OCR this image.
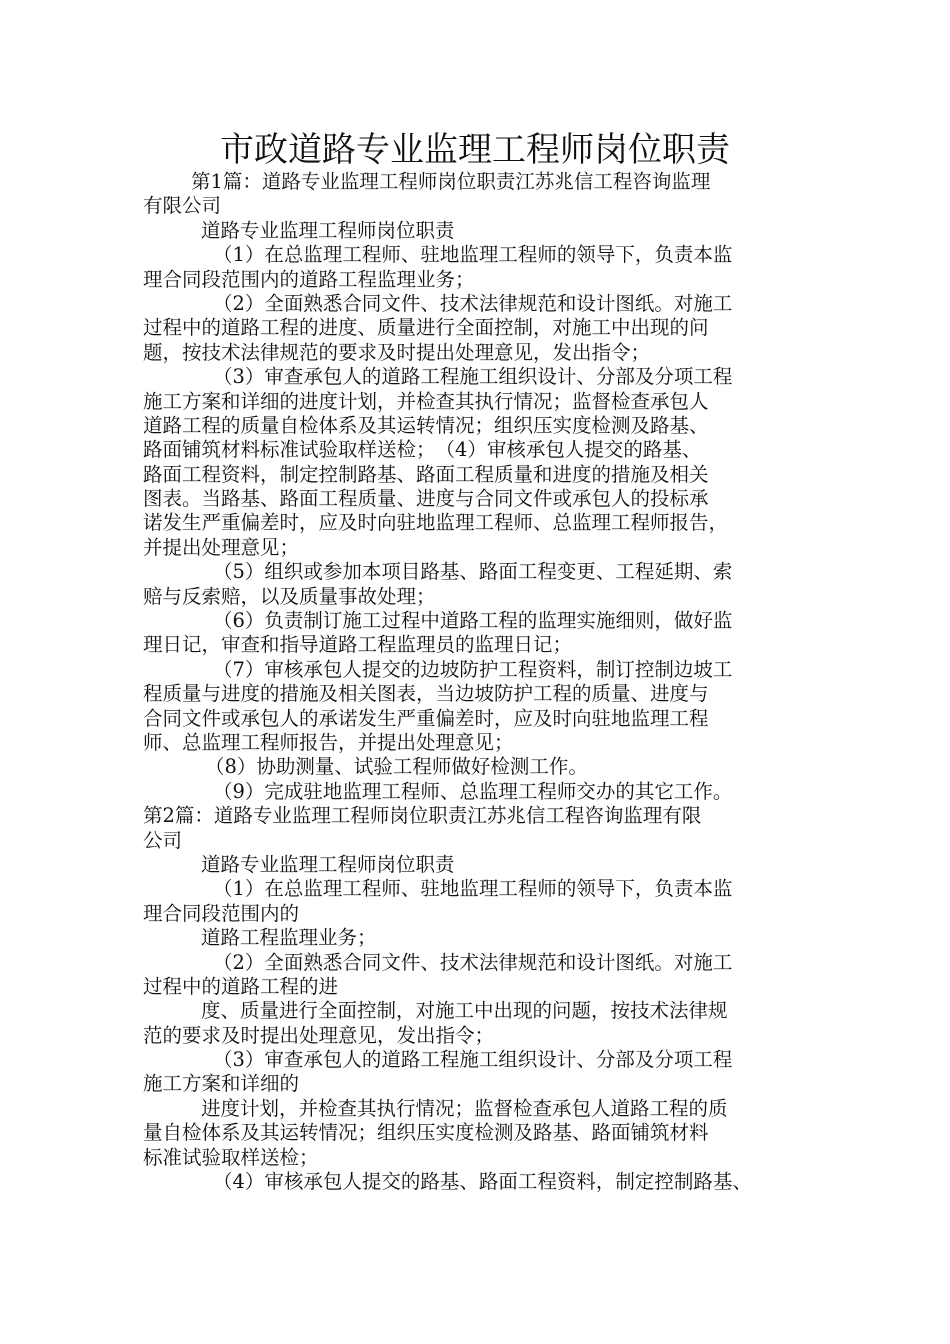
市政道路专业监理工程师岗位职责
第1篇：道路专业监理工程师岗位职责江苏兆信工程咨询监理
有限公司
道路专业监理工程师岗位职责
（1）在总监理工程师、驻地监理工程师的领导下，负责本监
理合同段范围内的道路工程监理业务；
（2）全面熟悉合同文件、技术法律规范和设计图纸。对施工
过程中的道路工程的进度、质量进行全面控制，对施工中出现的问
题，按技术法律规范的要求及时提出处理意见，发出指令；
（3）审查承包人的道路工程施工组织设计、分部及分项工程
施工方案和详细的进度计划，并检查其执行情况；监督检查承包人
道路工程的质量自检体系及其运转情况；组织压实度检测及路基、
路面铺筑材料标准试验取样送检；　（4）审核承包人提交的路基、
路面工程资料，制定控制路基、路面工程质量和进度的措施及相关
图表。当路基、路面工程质量、进度与合同文件或承包人的投标承
诺发生严重偏差时，应及时向驻地监理工程师、总监理工程师报告，
并提出处理意见；
（5）组织或参加本项目路基、路面工程变更、工程延期、索
赔与反索赔，以及质量事故处理；
（6）负责制订施工过程中道路工程的监理实施细则，做好监
理日记，审查和指导道路工程监理员的监理日记；
（7）审核承包人提交的边坡防护工程资料，制订控制边坡工
程质量与进度的措施及相关图表，当边坡防护工程的质量、进度与
合同文件或承包人的承诺发生严重偏差时，应及时向驻地监理工程
师、总监理工程师报告，并提出处理意见；
（8）协助测量、试验工程师做好检测工作。
（9）完成驻地监理工程师、总监理工程师交办的其它工作。
第2篇：道路专业监理工程师岗位职责江苏兆信工程咨询监理有限
公司
道路专业监理工程师岗位职责
（1）在总监理工程师、驻地监理工程师的领导下，负责本监
理合同段范围内的
道路工程监理业务；
（2）全面熟悉合同文件、技术法律规范和设计图纸。对施工
过程中的道路工程的进
度、质量进行全面控制，对施工中出现的问题，按技术法律规
范的要求及时提出处理意见，发出指令；
（3）审查承包人的道路工程施工组织设计、分部及分项工程
施工方案和详细的
进度计划，并检查其执行情况；监督检查承包人道路工程的质
量自检体系及其运转情况；组织压实度检测及路基、路面铺筑材料
标准试验取样送检；
（4）审核承包人提交的路基、路面工程资料，制定控制路基、
